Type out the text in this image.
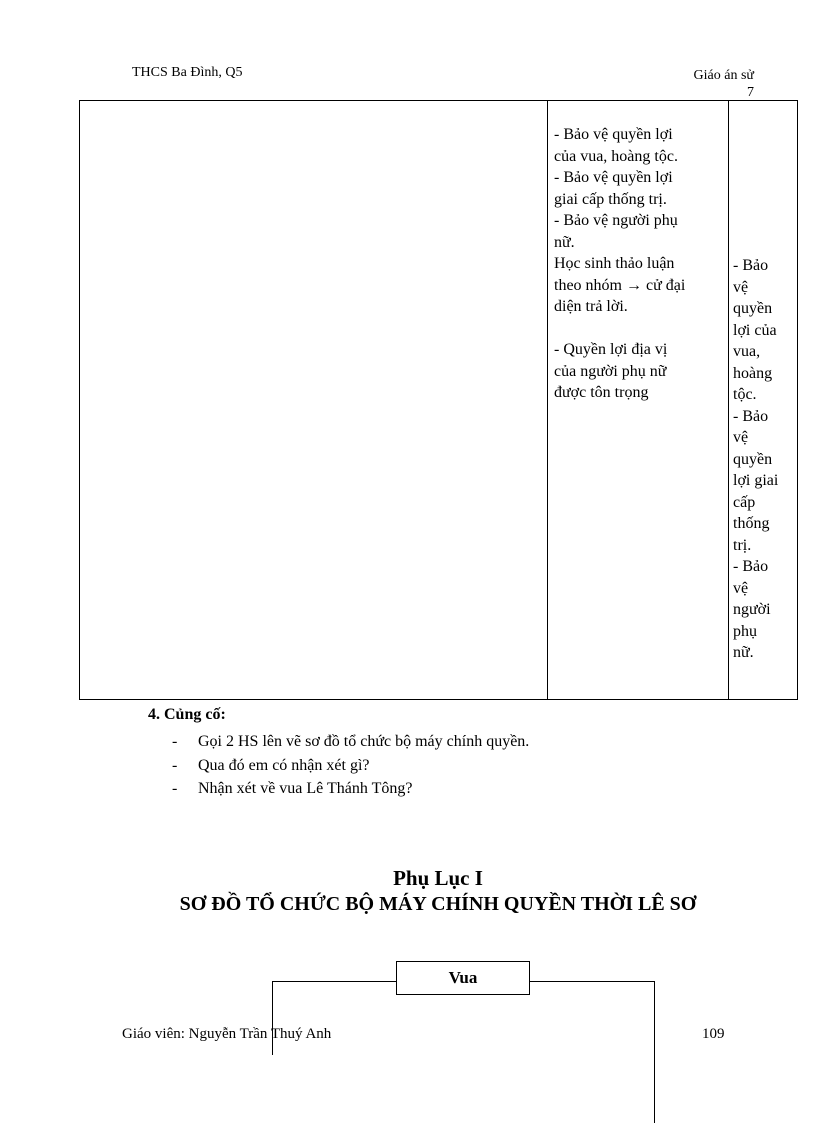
THCS Ba Đình, Q5	Giáo án sử
7
- Bảo vệ quyền lợi
của vua, hoàng tộc.
- Bảo vệ quyền lợi
giai cấp thống trị.
- Bảo vệ người phụ
nữ.
Học sinh thảo luận
theo nhóm → cử đại
diện trả lời.
- Quyền lợi địa vị
của người phụ nữ
được tôn trọng
- Bảo
vệ
quyền
lợi của
vua,
hoàng
tộc.
- Bảo
vệ
quyền
lợi giai
cấp
thống
trị.
- Bảo
vệ
người
phụ
nữ.
4. Củng cố:
- Gọi 2 HS lên vẽ sơ đồ tổ chức bộ máy chính quyền.
- Qua đó em có nhận xét gì?
- Nhận xét về vua Lê Thánh Tông?
Phụ Lục I
SƠ ĐỒ TỔ CHỨC BỘ MÁY CHÍNH QUYỀN THỜI LÊ SƠ
Vua
Giáo viên: Nguyễn Trần Thuý Anh	109
